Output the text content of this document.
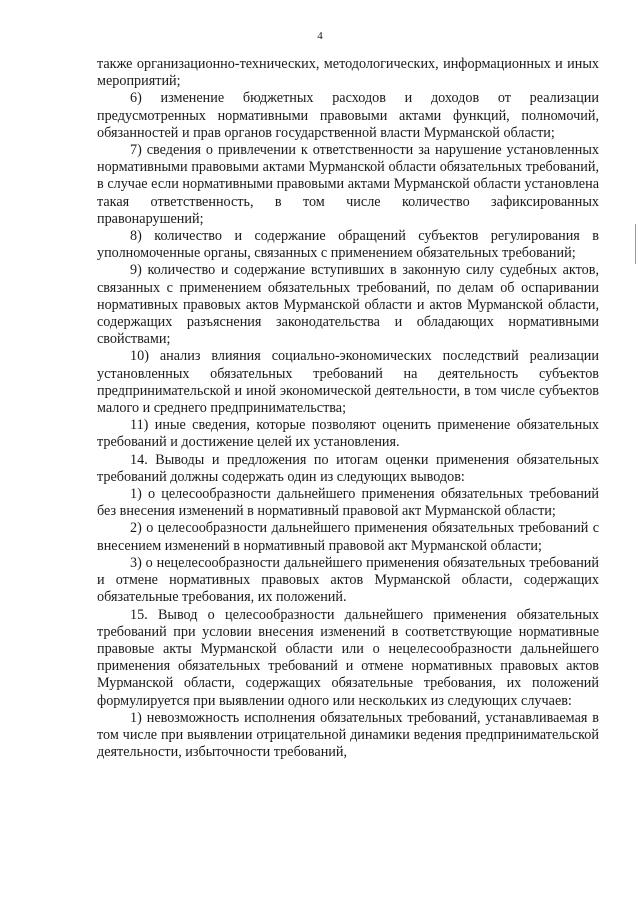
4

также организационно-технических, методологических, информационных и иных мероприятий;

6) изменение бюджетных расходов и доходов от реализации предусмотренных нормативными правовыми актами функций, полномочий, обязанностей и прав органов государственной власти Мурманской области;

7) сведения о привлечении к ответственности за нарушение установленных нормативными правовыми актами Мурманской области обязательных требований, в случае если нормативными правовыми актами Мурманской области установлена такая ответственность, в том числе количество зафиксированных правонарушений;

8) количество и содержание обращений субъектов регулирования в уполномоченные органы, связанных с применением обязательных требований;

9) количество и содержание вступивших в законную силу судебных актов, связанных с применением обязательных требований, по делам об оспаривании нормативных правовых актов Мурманской области и актов Мурманской области, содержащих разъяснения законодательства и обладающих нормативными свойствами;

10) анализ влияния социально-экономических последствий реализации установленных обязательных требований на деятельность субъектов предпринимательской и иной экономической деятельности, в том числе субъектов малого и среднего предпринимательства;

11) иные сведения, которые позволяют оценить применение обязательных требований и достижение целей их установления.

14. Выводы и предложения по итогам оценки применения обязательных требований должны содержать один из следующих выводов:

1) о целесообразности дальнейшего применения обязательных требований без внесения изменений в нормативный правовой акт Мурманской области;

2) о целесообразности дальнейшего применения обязательных требований с внесением изменений в нормативный правовой акт Мурманской области;

3) о нецелесообразности дальнейшего применения обязательных требований и отмене нормативных правовых актов Мурманской области, содержащих обязательные требования, их положений.

15. Вывод о целесообразности дальнейшего применения обязательных требований при условии внесения изменений в соответствующие нормативные правовые акты Мурманской области или о нецелесообразности дальнейшего применения обязательных требований и отмене нормативных правовых актов Мурманской области, содержащих обязательные требования, их положений формулируется при выявлении одного или нескольких из следующих случаев:

1) невозможность исполнения обязательных требований, устанавливаемая в том числе при выявлении отрицательной динамики ведения предпринимательской деятельности, избыточности требований,
